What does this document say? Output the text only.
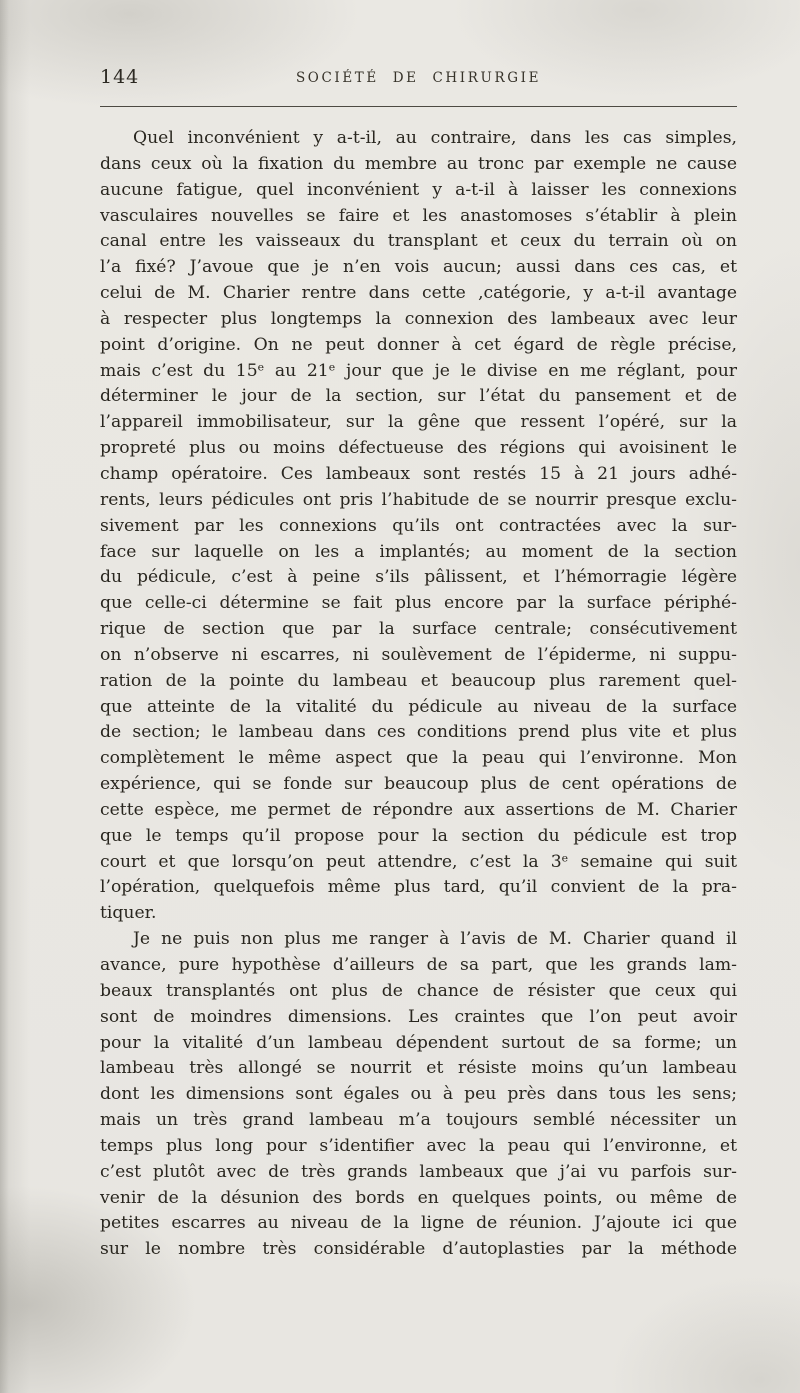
144	SOCIÉTÉ DE CHIRURGIE
Quel inconvénient y a-t-il, au contraire, dans les cas simples,
dans ceux où la fixation du membre au tronc par exemple ne cause
aucune fatigue, quel inconvénient y a-t-il à laisser les connexions
vasculaires nouvelles se faire et les anastomoses s’établir à plein
canal entre les vaisseaux du transplant et ceux du terrain où on
l’a fixé? J’avoue que je n’en vois aucun; aussi dans ces cas, et
celui de M. Charier rentre dans cette ‚catégorie, y a-t-il avantage
à respecter plus longtemps la connexion des lambeaux avec leur
point d’origine. On ne peut donner à cet égard de règle précise,
mais c’est du 15ᵉ au 21ᵉ jour que je le divise en me réglant, pour
déterminer le jour de la section, sur l’état du pansement et de
l’appareil immobilisateur, sur la gêne que ressent l’opéré, sur la
propreté plus ou moins défectueuse des régions qui avoisinent le
champ opératoire. Ces lambeaux sont restés 15 à 21 jours adhé-
rents, leurs pédicules ont pris l’habitude de se nourrir presque exclu-
sivement par les connexions qu’ils ont contractées avec la sur-
face sur laquelle on les a implantés; au moment de la section
du pédicule, c’est à peine s’ils pâlissent, et l’hémorragie légère
que celle-ci détermine se fait plus encore par la surface périphé-
rique de section que par la surface centrale; consécutivement
on n’observe ni escarres, ni soulèvement de l’épiderme, ni suppu-
ration de la pointe du lambeau et beaucoup plus rarement quel-
que atteinte de la vitalité du pédicule au niveau de la surface
de section; le lambeau dans ces conditions prend plus vite et plus
complètement le même aspect que la peau qui l’environne. Mon
expérience, qui se fonde sur beaucoup plus de cent opérations de
cette espèce, me permet de répondre aux assertions de M. Charier
que le temps qu’il propose pour la section du pédicule est trop
court et que lorsqu’on peut attendre, c’est la 3ᵉ semaine qui suit
l’opération, quelquefois même plus tard, qu’il convient de la pra-
tiquer.
Je ne puis non plus me ranger à l’avis de M. Charier quand il
avance, pure hypothèse d’ailleurs de sa part, que les grands lam-
beaux transplantés ont plus de chance de résister que ceux qui
sont de moindres dimensions. Les craintes que l’on peut avoir
pour la vitalité d’un lambeau dépendent surtout de sa forme; un
lambeau très allongé se nourrit et résiste moins qu’un lambeau
dont les dimensions sont égales ou à peu près dans tous les sens;
mais un très grand lambeau m’a toujours semblé nécessiter un
temps plus long pour s’identifier avec la peau qui l’environne, et
c’est plutôt avec de très grands lambeaux que j’ai vu parfois sur-
venir de la désunion des bords en quelques points, ou même de
petites escarres au niveau de la ligne de réunion. J’ajoute ici que
sur le nombre très considérable d’autoplasties par la méthode
